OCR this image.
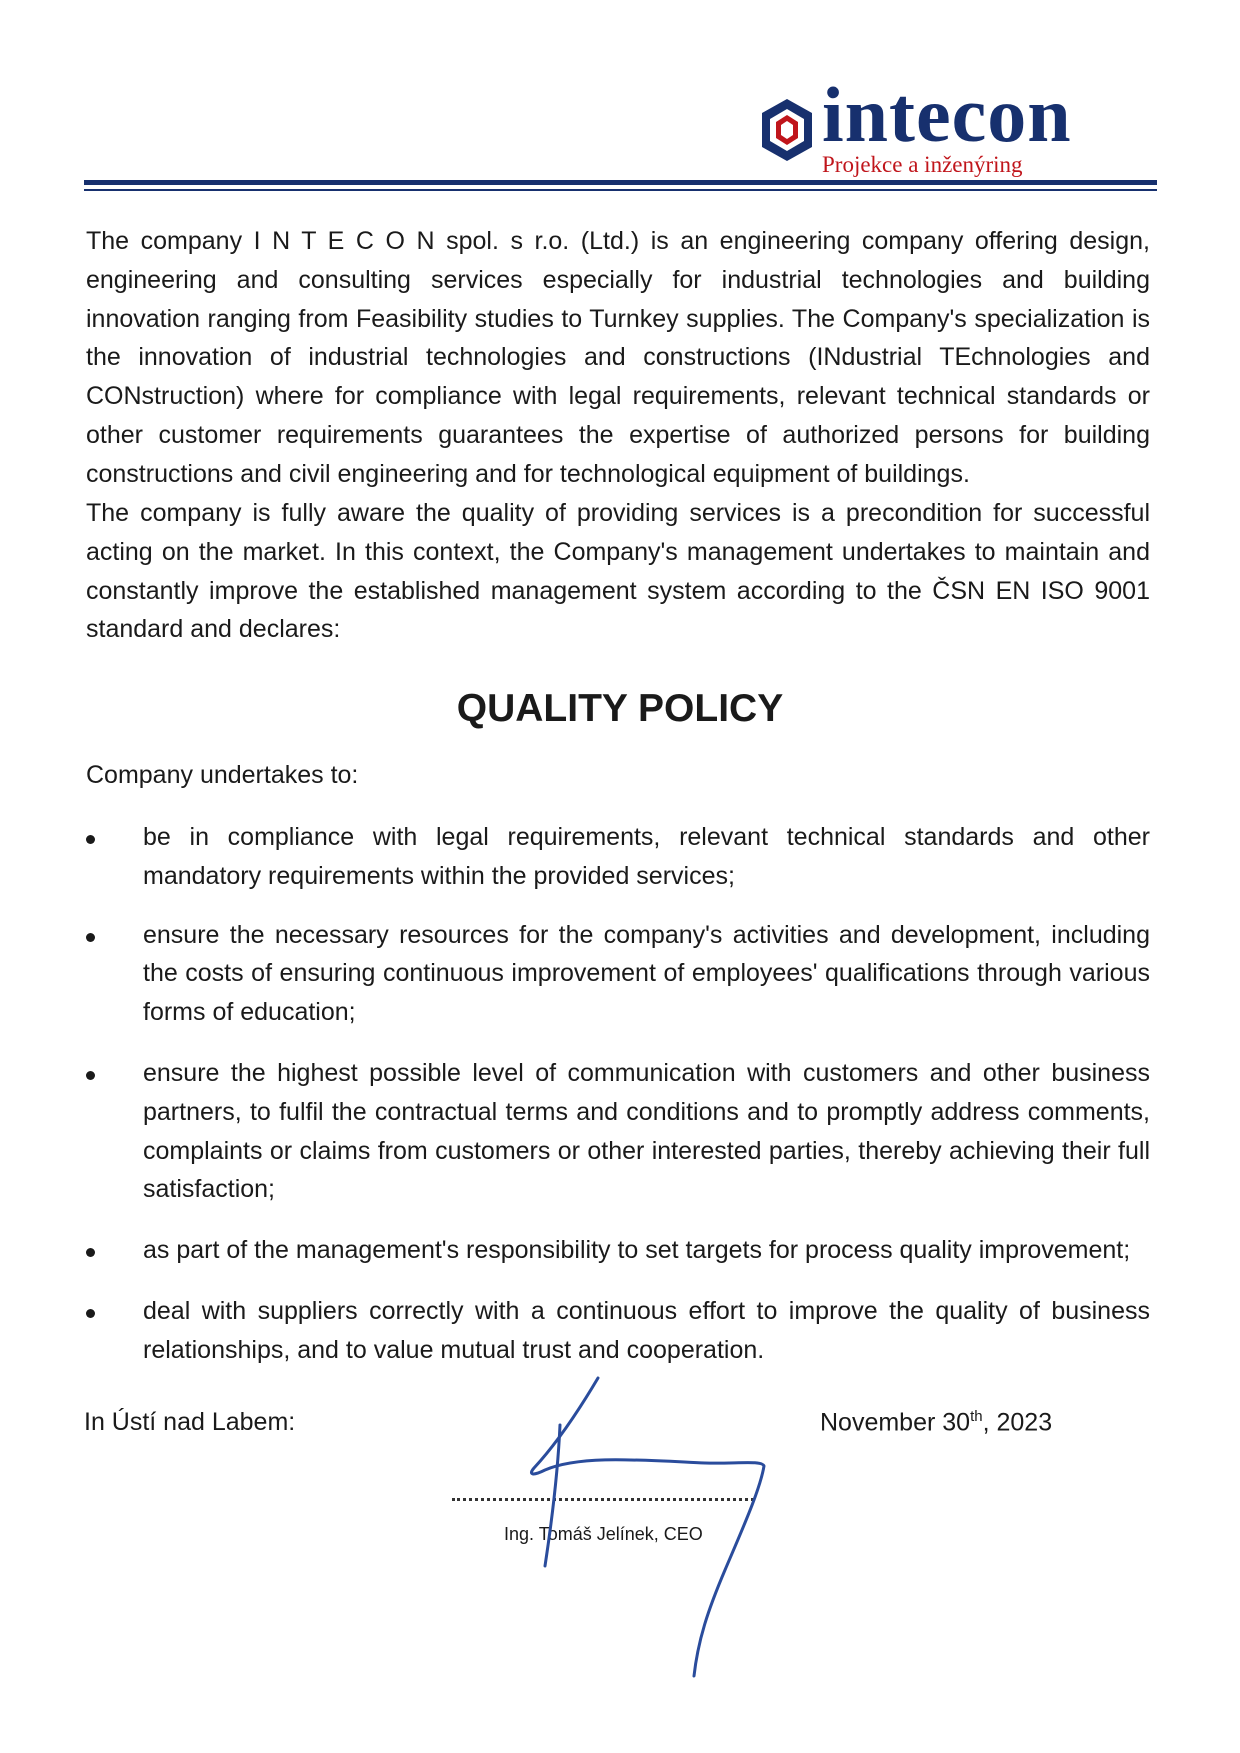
intecon
Projekce a inženýring

The company I N T E C O N spol. s r.o. (Ltd.) is an engineering company offering design, engineering and consulting services especially for industrial technologies and building innovation ranging from Feasibility studies to Turnkey supplies. The Company's specialization is the innovation of industrial technologies and constructions (INdustrial TEchnologies and CONstruction) where for compliance with legal requirements, relevant technical standards or other customer requirements guarantees the expertise of authorized persons for building constructions and civil engineering and for technological equipment of buildings.

The company is fully aware the quality of providing services is a precondition for successful acting on the market. In this context, the Company's management undertakes to maintain and constantly improve the established management system according to the ČSN EN ISO 9001 standard and declares:

QUALITY POLICY

Company undertakes to:

be in compliance with legal requirements, relevant technical standards and other mandatory requirements within the provided services;
ensure the necessary resources for the company's activities and development, including the costs of ensuring continuous improvement of employees' qualifications through various forms of education;
ensure the highest possible level of communication with customers and other business partners, to fulfil the contractual terms and conditions and to promptly address comments, complaints or claims from customers or other interested parties, thereby achieving their full satisfaction;
as part of the management's responsibility to set targets for process quality improvement;
deal with suppliers correctly with a continuous effort to improve the quality of business relationships, and to value mutual trust and cooperation.

In Ústí nad Labem:	November 30th, 2023

Ing. Tomáš Jelínek, CEO
